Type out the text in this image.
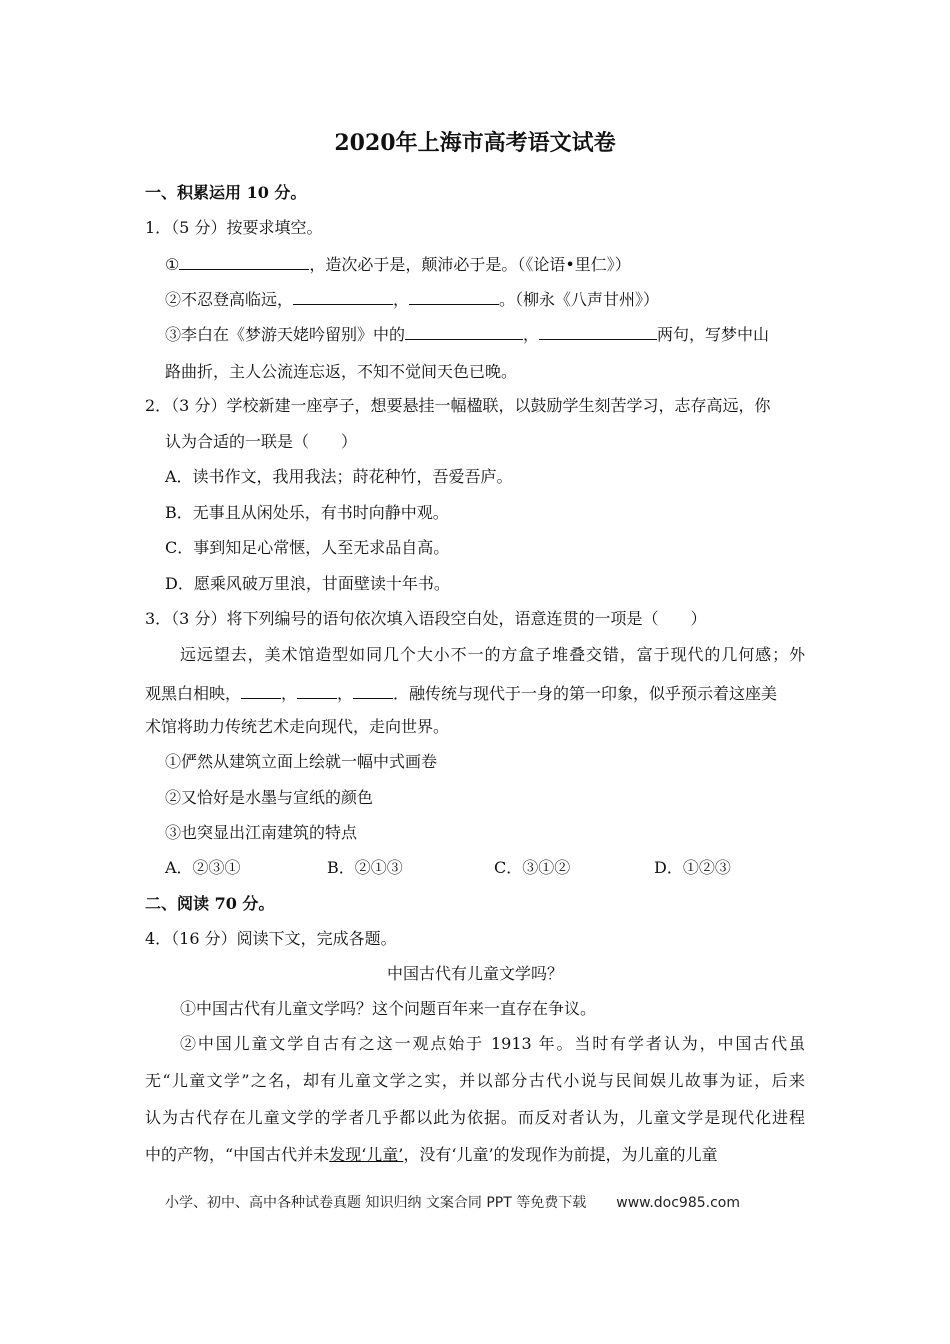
2020年上海市高考语文试卷
一、积累运用 10 分。
1．（5 分）按要求填空。
①	，造次必于是，颠沛必于是。（《论语•里仁》）
②不忍登高临远，	，	。（柳永《八声甘州》）
③李白在《梦游天姥吟留别》中的	，	两句，写梦中山
路曲折，主人公流连忘返，不知不觉间天色已晚。
2．（3 分）学校新建一座亭子，想要悬挂一幅楹联，以鼓励学生刻苦学习，志存高远，你
认为合适的一联是（　　）
A．读书作文，我用我法；莳花种竹，吾爱吾庐。
B．无事且从闲处乐，有书时向静中观。
C．事到知足心常惬，人至无求品自高。
D．愿乘风破万里浪，甘面壁读十年书。
3．（3 分）将下列编号的语句依次填入语段空白处，语意连贯的一项是（　　）
远远望去，美术馆造型如同几个大小不一的方盒子堆叠交错，富于现代的几何感；外
观黑白相映，	，	，	．融传统与现代于一身的第一印象，似乎预示着这座美
术馆将助力传统艺术走向现代，走向世界。
①俨然从建筑立面上绘就一幅中式画卷
②又恰好是水墨与宣纸的颜色
③也突显出江南建筑的特点
A．②③①	B．②①③	C．③①②	D．①②③
二、阅读 70 分。
4．（16 分）阅读下文，完成各题。
中国古代有儿童文学吗？
①中国古代有儿童文学吗？这个问题百年来一直存在争议。
②中国儿童文学自古有之这一观点始于 1913 年。当时有学者认为，中国古代虽
无“儿童文学”之名，却有儿童文学之实，并以部分古代小说与民间娱儿故事为证，后来
认为古代存在儿童文学的学者几乎都以此为依据。而反对者认为，儿童文学是现代化进程
中的产物，“中国古代并未发现‘儿童’，没有‘儿童’的发现作为前提，为儿童的儿童
小学、初中、高中各种试卷真题 知识归纳 文案合同 PPT 等免费下载 www.doc985.com
